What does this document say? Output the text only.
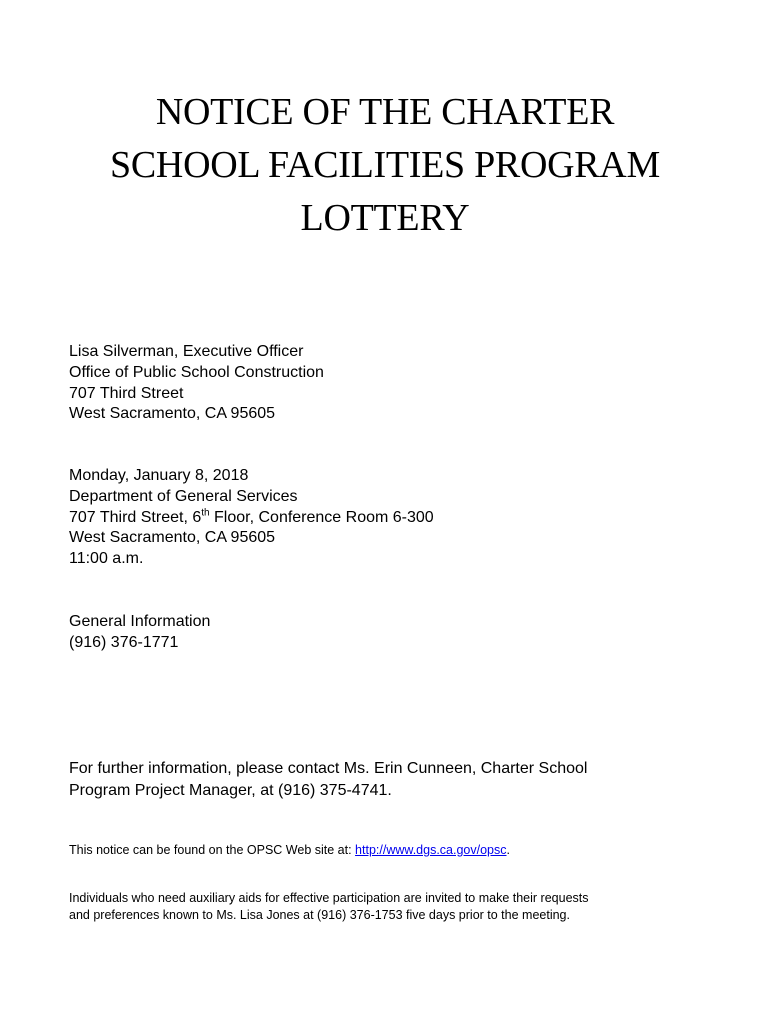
NOTICE OF THE CHARTER
SCHOOL FACILITIES PROGRAM
LOTTERY
Lisa Silverman, Executive Officer
Office of Public School Construction
707 Third Street
West Sacramento, CA 95605
Monday, January 8, 2018
Department of General Services
707 Third Street, 6th Floor, Conference Room 6-300
West Sacramento, CA 95605
11:00 a.m.
General Information
(916) 376-1771
For further information, please contact Ms. Erin Cunneen, Charter School
Program Project Manager, at (916) 375-4741.
This notice can be found on the OPSC Web site at: http://www.dgs.ca.gov/opsc.
Individuals who need auxiliary aids for effective participation are invited to make their requests
and preferences known to Ms. Lisa Jones at (916) 376-1753 five days prior to the meeting.
